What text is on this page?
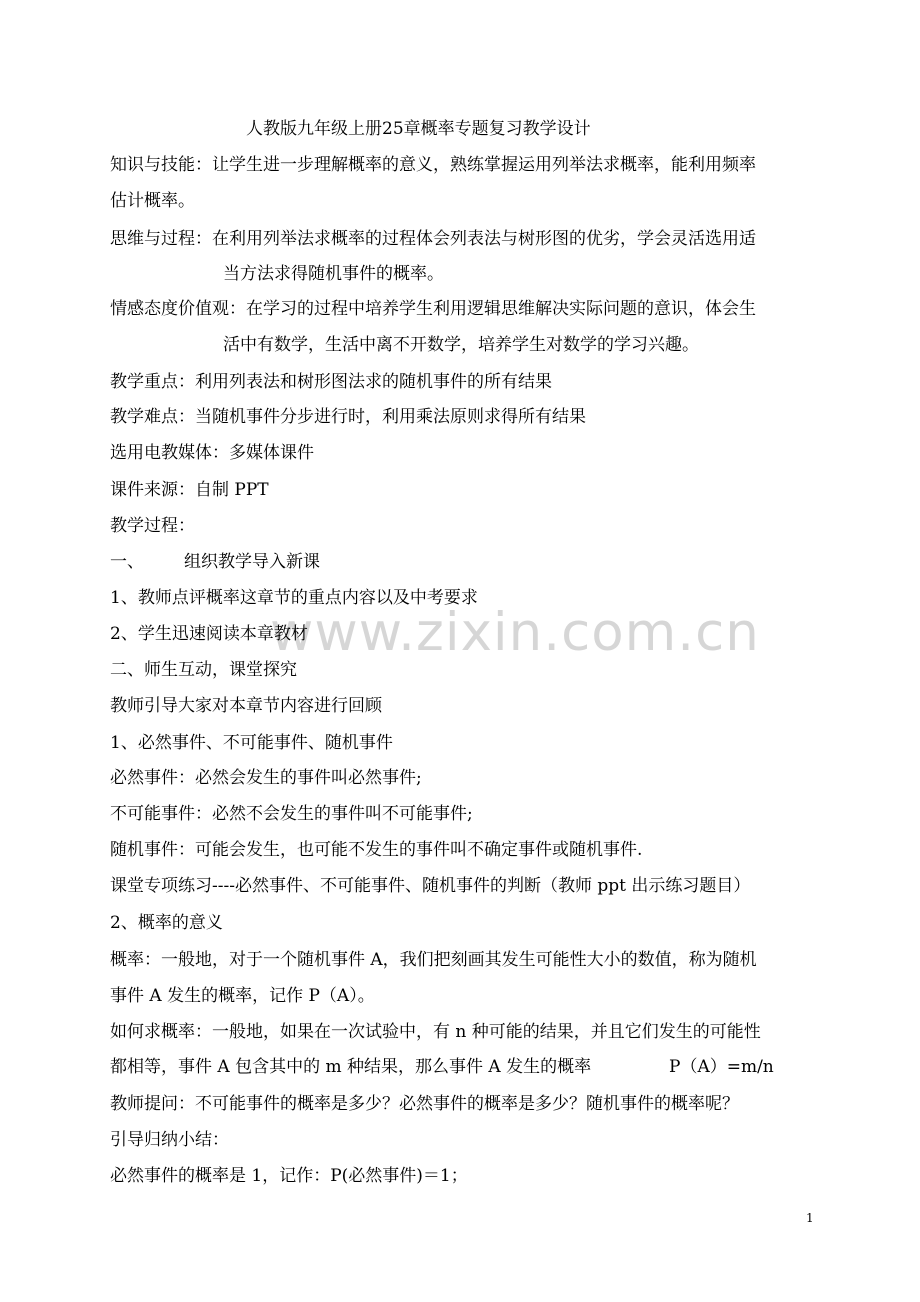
www.zixin.com.cn
人教版九年级上册25章概率专题复习教学设计
知识与技能：让学生进一步理解概率的意义，熟练掌握运用列举法求概率，能利用频率
估计概率。
思维与过程：在利用列举法求概率的过程体会列表法与树形图的优劣，学会灵活选用适
当方法求得随机事件的概率。
情感态度价值观：在学习的过程中培养学生利用逻辑思维解决实际问题的意识，体会生
活中有数学，生活中离不开数学，培养学生对数学的学习兴趣。
教学重点：利用列表法和树形图法求的随机事件的所有结果
教学难点：当随机事件分步进行时，利用乘法原则求得所有结果
选用电教媒体：多媒体课件
课件来源：自制 PPT
教学过程：
一、 组织教学导入新课
1、教师点评概率这章节的重点内容以及中考要求
2、学生迅速阅读本章教材
二、师生互动，课堂探究
教师引导大家对本章节内容进行回顾
1、必然事件、不可能事件、随机事件
必然事件：必然会发生的事件叫必然事件;
不可能事件：必然不会发生的事件叫不可能事件;
随机事件：可能会发生，也可能不发生的事件叫不确定事件或随机事件.
课堂专项练习----必然事件、不可能事件、随机事件的判断（教师 ppt 出示练习题目）
2、概率的意义
概率：一般地，对于一个随机事件 A，我们把刻画其发生可能性大小的数值，称为随机
事件 A 发生的概率，记作 P（A）。
如何求概率：一般地，如果在一次试验中，有 n 种可能的结果，并且它们发生的可能性
都相等，事件 A 包含其中的 m 种结果，那么事件 A 发生的概率	P（A）=m/n
教师提问：不可能事件的概率是多少？必然事件的概率是多少？随机事件的概率呢？
引导归纳小结：
必然事件的概率是 1，记作：P(必然事件)＝1；
1
